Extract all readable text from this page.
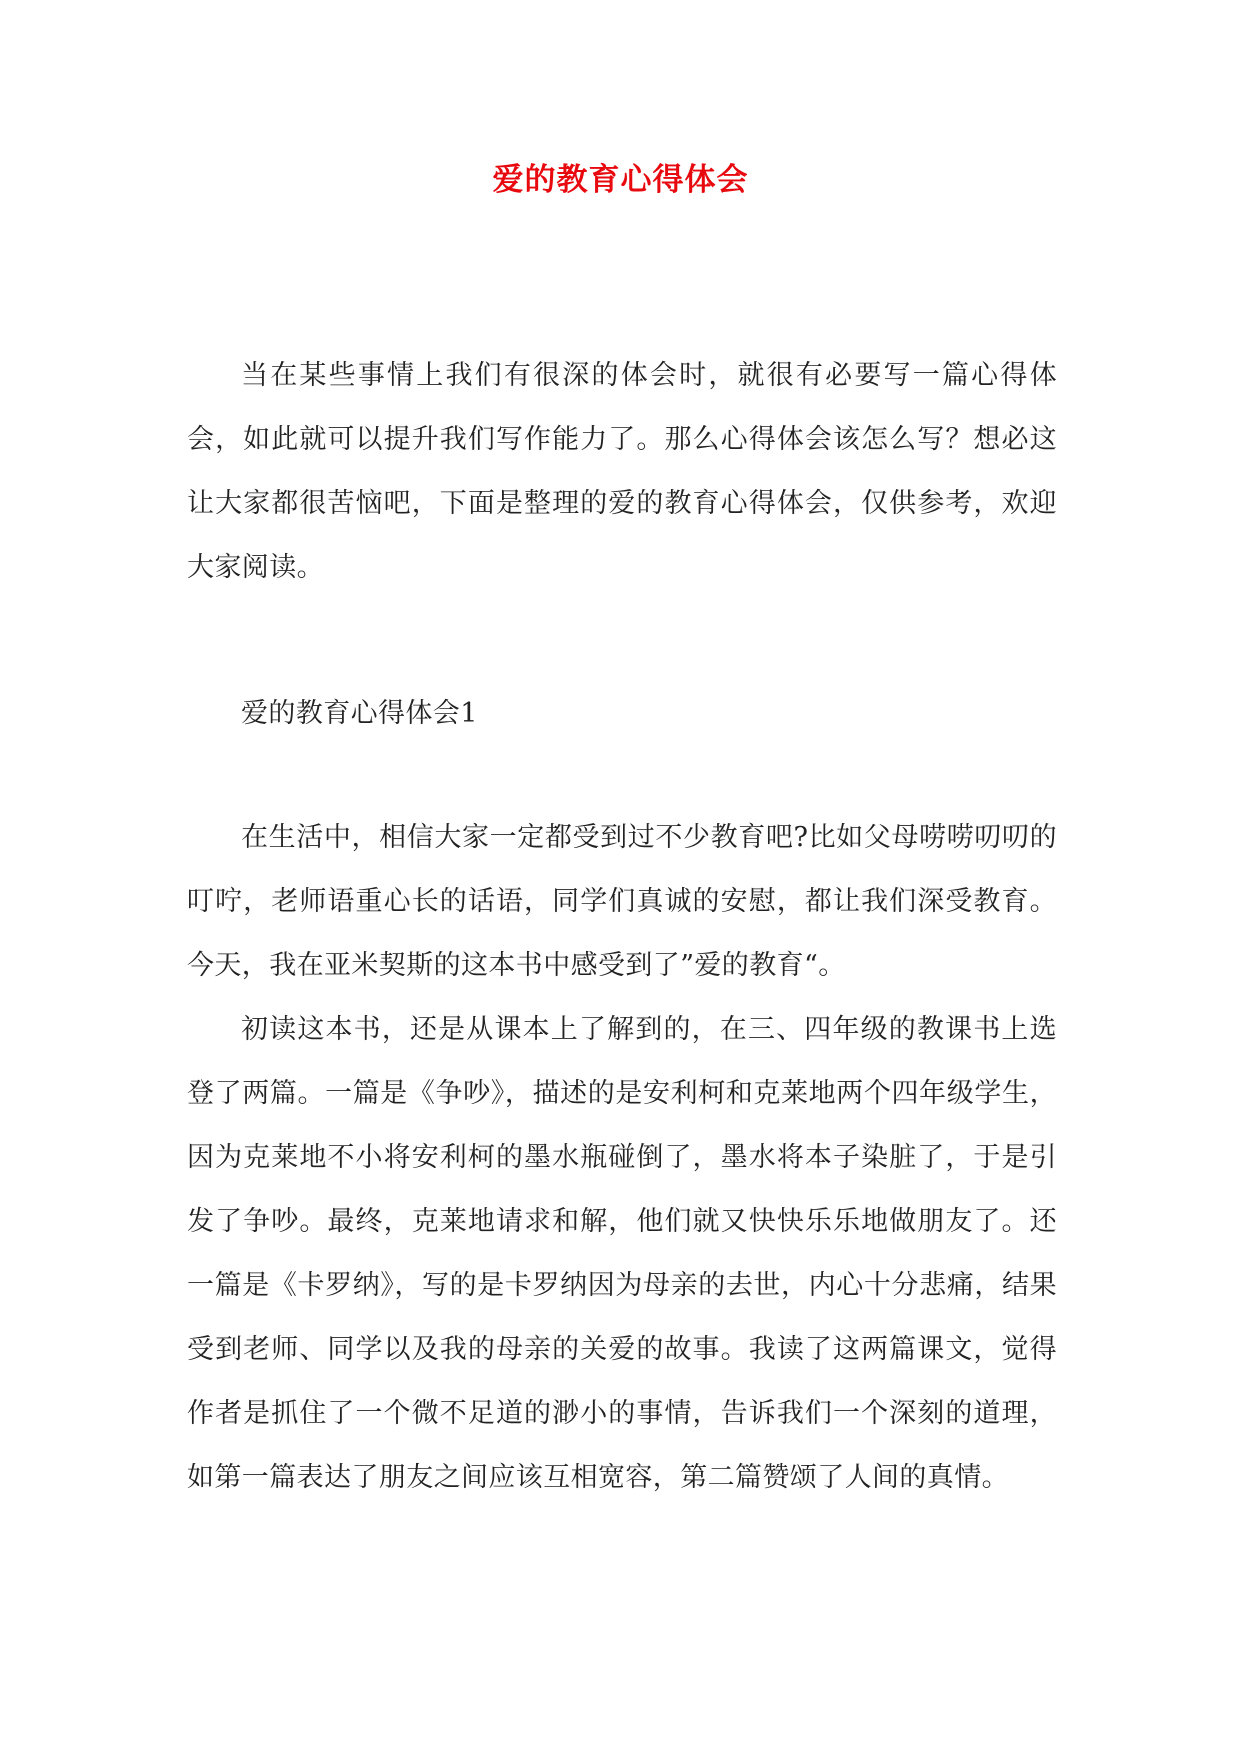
爱的教育心得体会

当在某些事情上我们有很深的体会时，就很有必要写一篇心得体会，如此就可以提升我们写作能力了。那么心得体会该怎么写？想必这让大家都很苦恼吧，下面是整理的爱的教育心得体会，仅供参考，欢迎大家阅读。

爱的教育心得体会1

在生活中，相信大家一定都受到过不少教育吧?比如父母唠唠叨叨的叮咛，老师语重心长的话语，同学们真诚的安慰，都让我们深受教育。今天，我在亚米契斯的这本书中感受到了”爱的教育“。

初读这本书，还是从课本上了解到的，在三、四年级的教课书上选登了两篇。一篇是《争吵》，描述的是安利柯和克莱地两个四年级学生，因为克莱地不小将安利柯的墨水瓶碰倒了，墨水将本子染脏了，于是引发了争吵。最终，克莱地请求和解，他们就又快快乐乐地做朋友了。还一篇是《卡罗纳》，写的是卡罗纳因为母亲的去世，内心十分悲痛，结果受到老师、同学以及我的母亲的关爱的故事。我读了这两篇课文，觉得作者是抓住了一个微不足道的渺小的事情，告诉我们一个深刻的道理，如第一篇表达了朋友之间应该互相宽容，第二篇赞颂了人间的真情。
